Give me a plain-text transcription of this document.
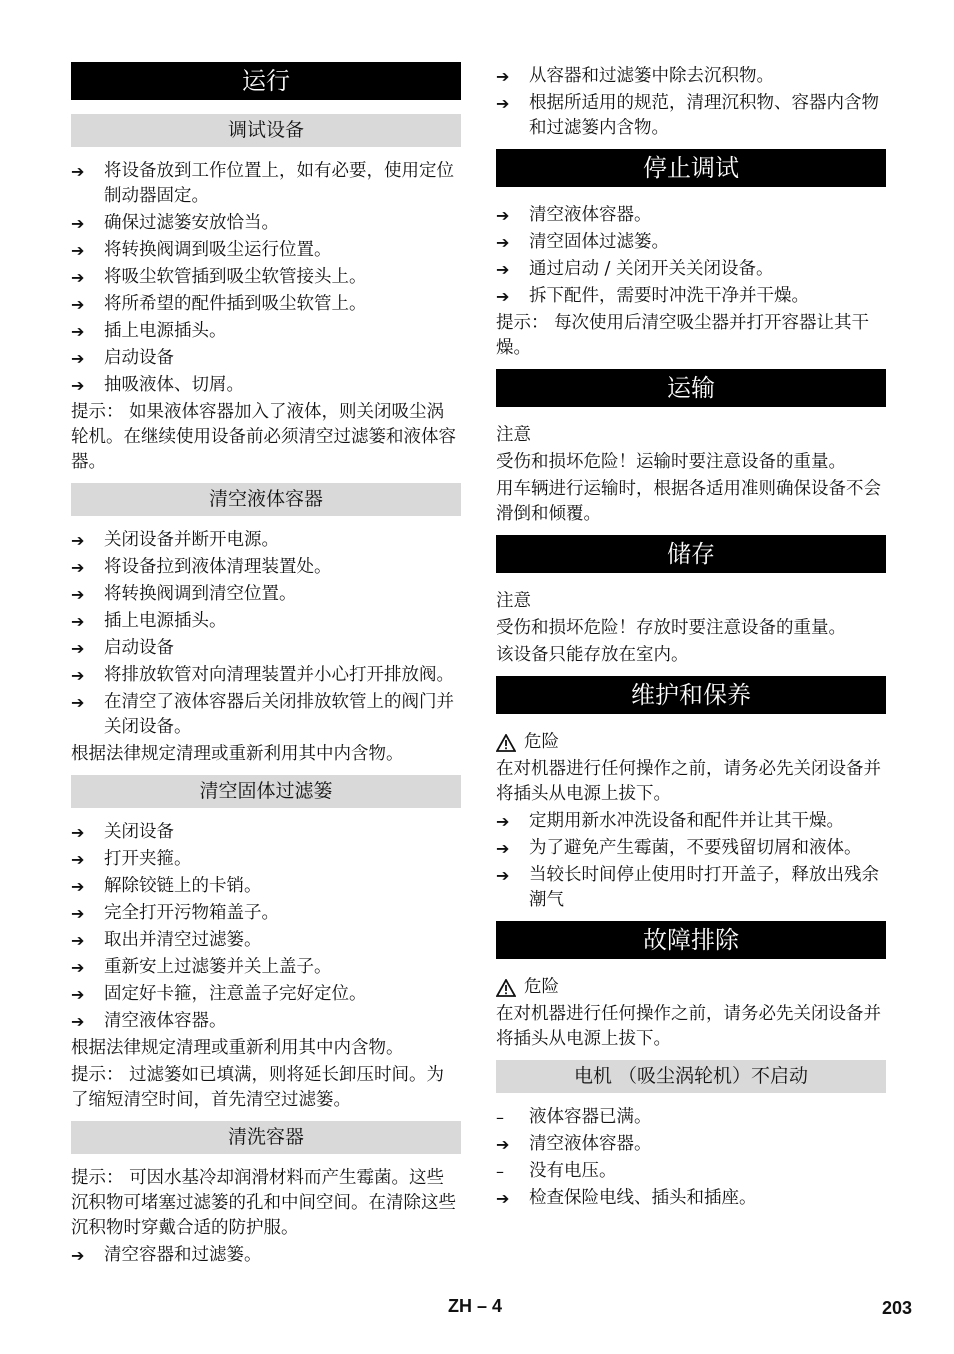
运行
调试设备
➔	将设备放到工作位置上，如有必要，使用定位制动器固定。
➔	确保过滤篓安放恰当。
➔	将转换阀调到吸尘运行位置。
➔	将吸尘软管插到吸尘软管接头上。
➔	将所希望的配件插到吸尘软管上。
➔	插上电源插头。
➔	启动设备
➔	抽吸液体、切屑。
提示： 如果液体容器加入了液体，则关闭吸尘涡轮机。在继续使用设备前必须清空过滤篓和液体容器。
清空液体容器
➔	关闭设备并断开电源。
➔	将设备拉到液体清理装置处。
➔	将转换阀调到清空位置。
➔	插上电源插头。
➔	启动设备
➔	将排放软管对向清理装置并小心打开排放阀。
➔	在清空了液体容器后关闭排放软管上的阀门并关闭设备。
根据法律规定清理或重新利用其中内含物。
清空固体过滤篓
➔	关闭设备
➔	打开夹箍。
➔	解除铰链上的卡销。
➔	完全打开污物箱盖子。
➔	取出并清空过滤篓。
➔	重新安上过滤篓并关上盖子。
➔	固定好卡箍，注意盖子完好定位。
➔	清空液体容器。
根据法律规定清理或重新利用其中内含物。
提示： 过滤篓如已填满，则将延长卸压时间。为了缩短清空时间，首先清空过滤篓。
清洗容器
提示： 可因水基冷却润滑材料而产生霉菌。这些沉积物可堵塞过滤篓的孔和中间空间。在清除这些沉积物时穿戴合适的防护服。
➔	清空容器和过滤篓。
➔	从容器和过滤篓中除去沉积物。
➔	根据所适用的规范，清理沉积物、容器内含物和过滤篓内含物。
停止调试
➔	清空液体容器。
➔	清空固体过滤篓。
➔	通过启动 / 关闭开关关闭设备。
➔	拆下配件，需要时冲洗干净并干燥。
提示： 每次使用后清空吸尘器并打开容器让其干燥。
运输
注意
受伤和损坏危险！运输时要注意设备的重量。
用车辆进行运输时，根据各适用准则确保设备不会滑倒和倾覆。
储存
注意
受伤和损坏危险！存放时要注意设备的重量。
该设备只能存放在室内。
维护和保养
危险
在对机器进行任何操作之前，请务必先关闭设备并将插头从电源上拔下。
➔	定期用新水冲洗设备和配件并让其干燥。
➔	为了避免产生霉菌，不要残留切屑和液体。
➔	当较长时间停止使用时打开盖子，释放出残余潮气
故障排除
危险
在对机器进行任何操作之前，请务必先关闭设备并将插头从电源上拔下。
电机 （吸尘涡轮机）不启动
–	液体容器已满。
➔	清空液体容器。
–	没有电压。
➔	检查保险电线、插头和插座。
ZH – 4	203
